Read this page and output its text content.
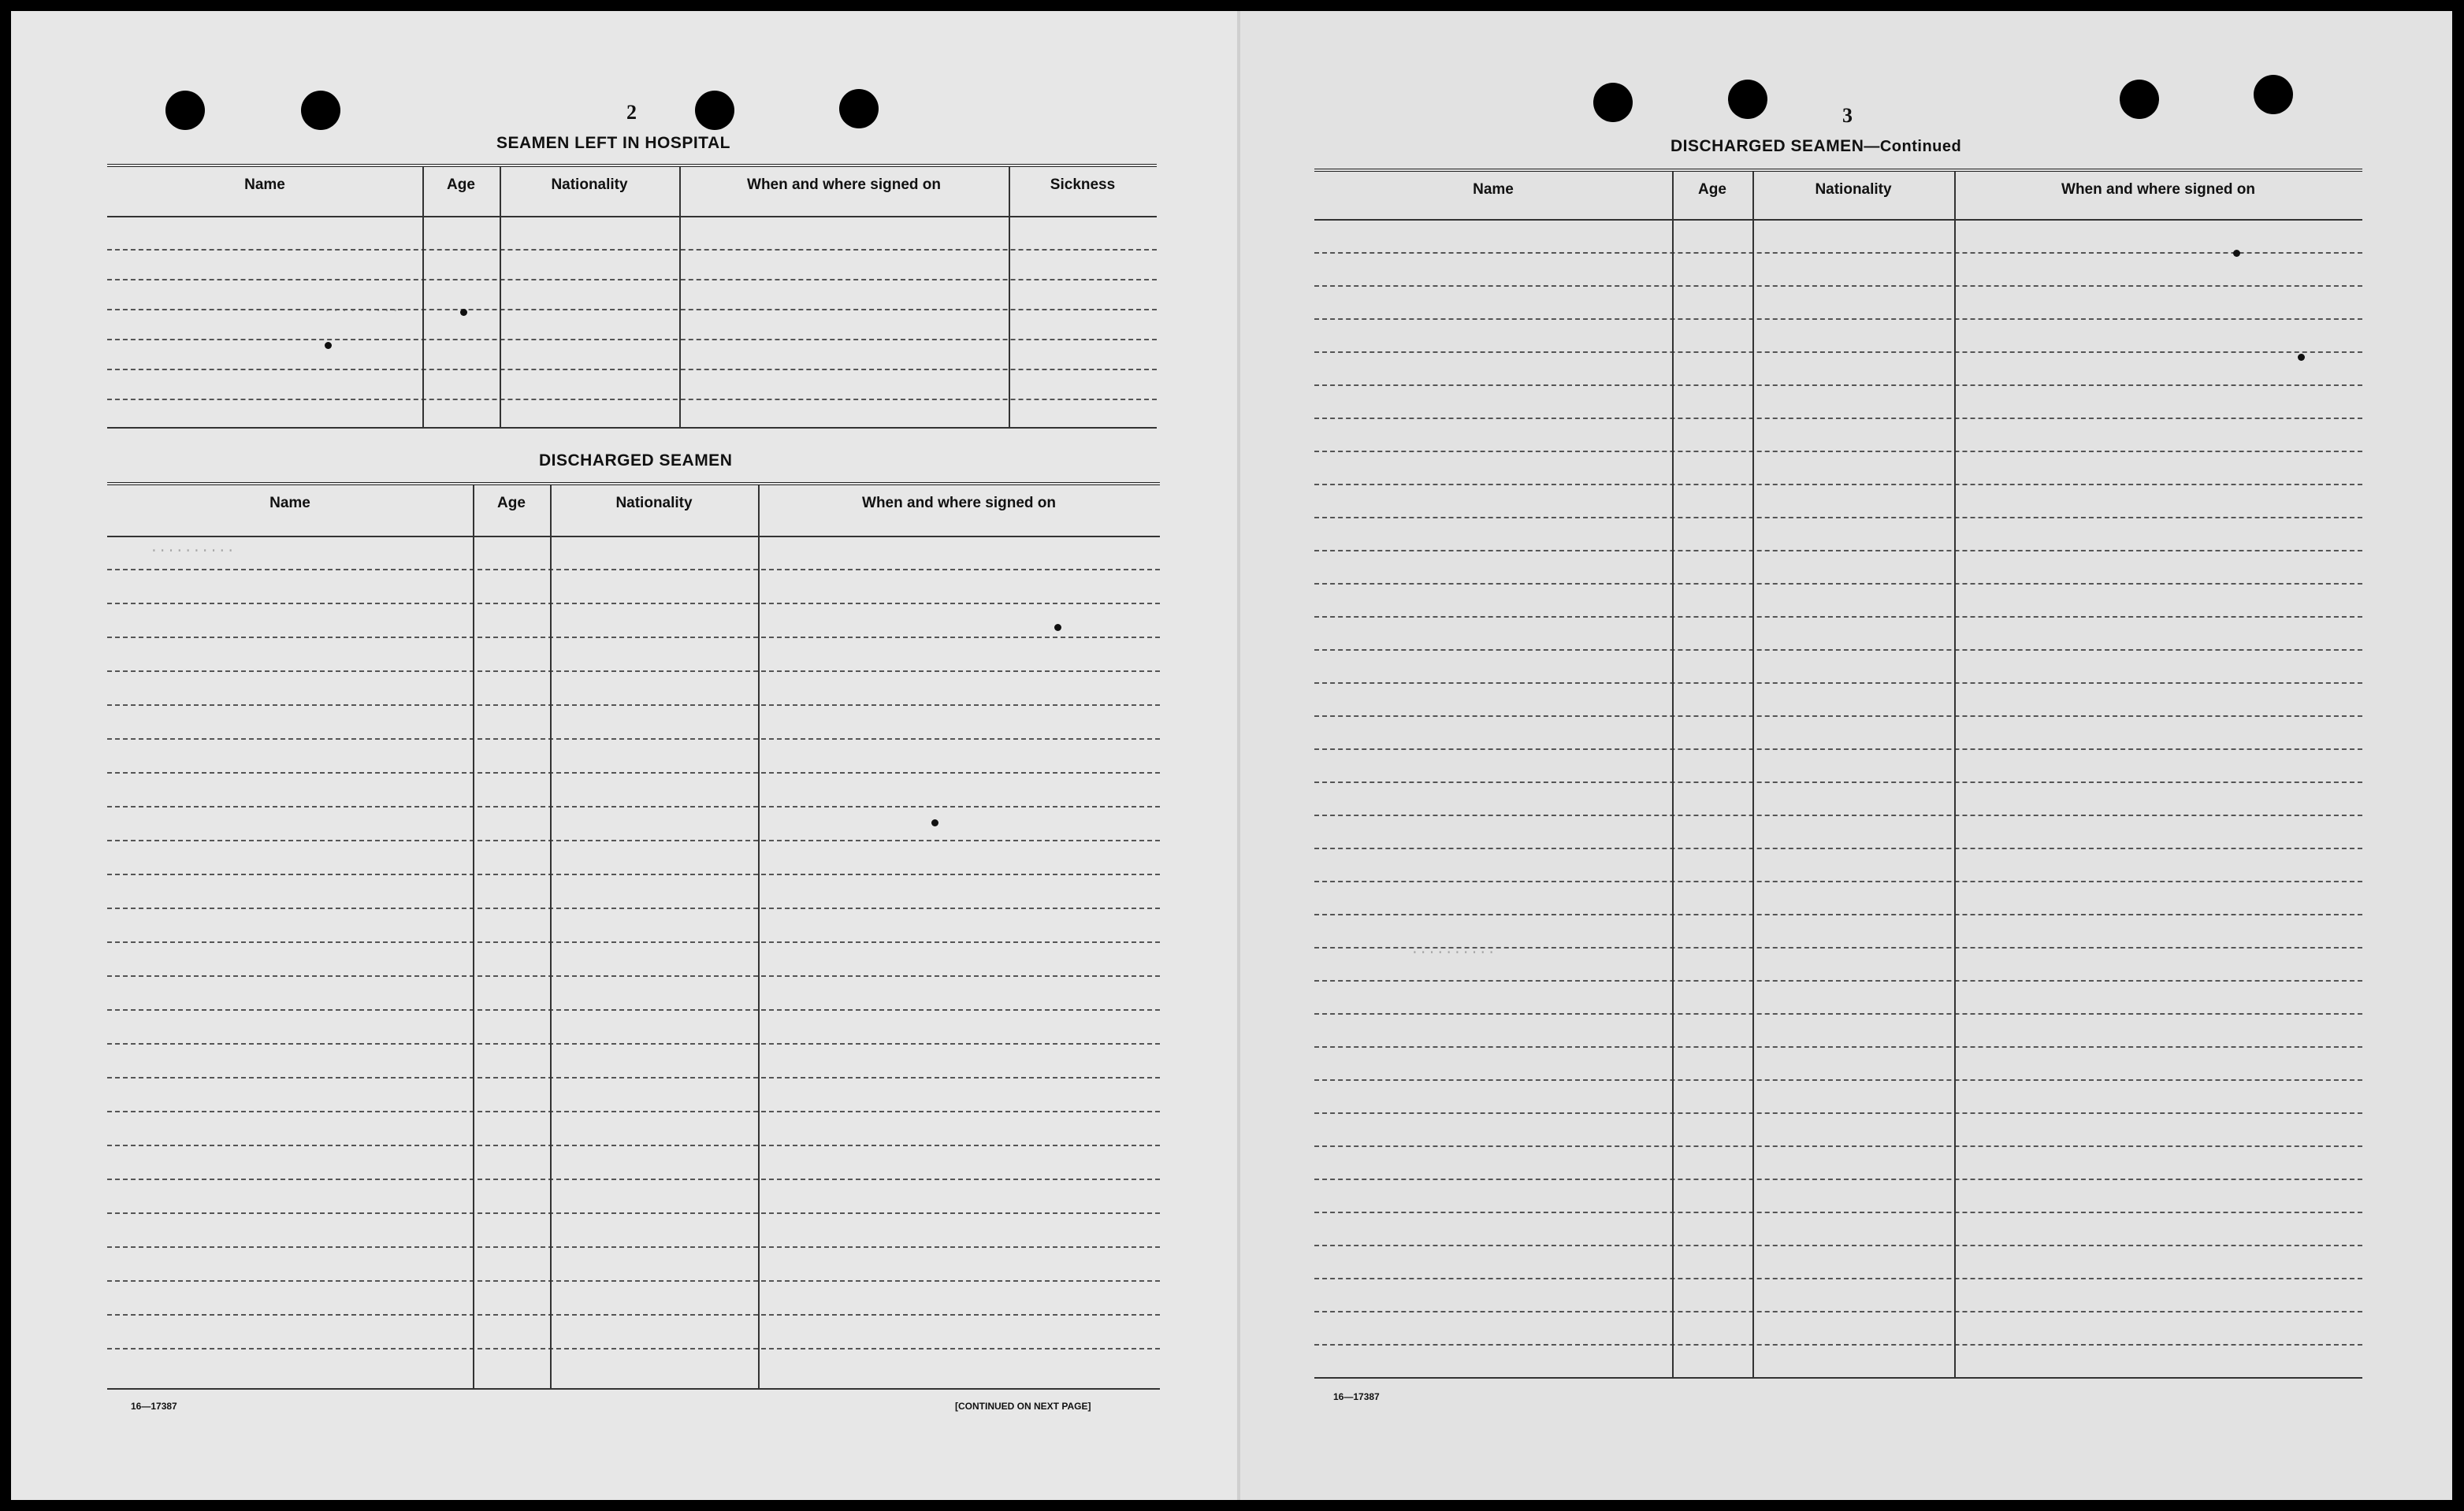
·········
··········
··········
2
SEAMEN LEFT IN HOSPITAL
Name	Age	Nationality	When and where signed on	Sickness
DISCHARGED SEAMEN
Name	Age	Nationality	When and where signed on
16—17387	[CONTINUED ON NEXT PAGE]
3
DISCHARGED SEAMEN—Continued
Name	Age	Nationality	When and where signed on
16—17387
